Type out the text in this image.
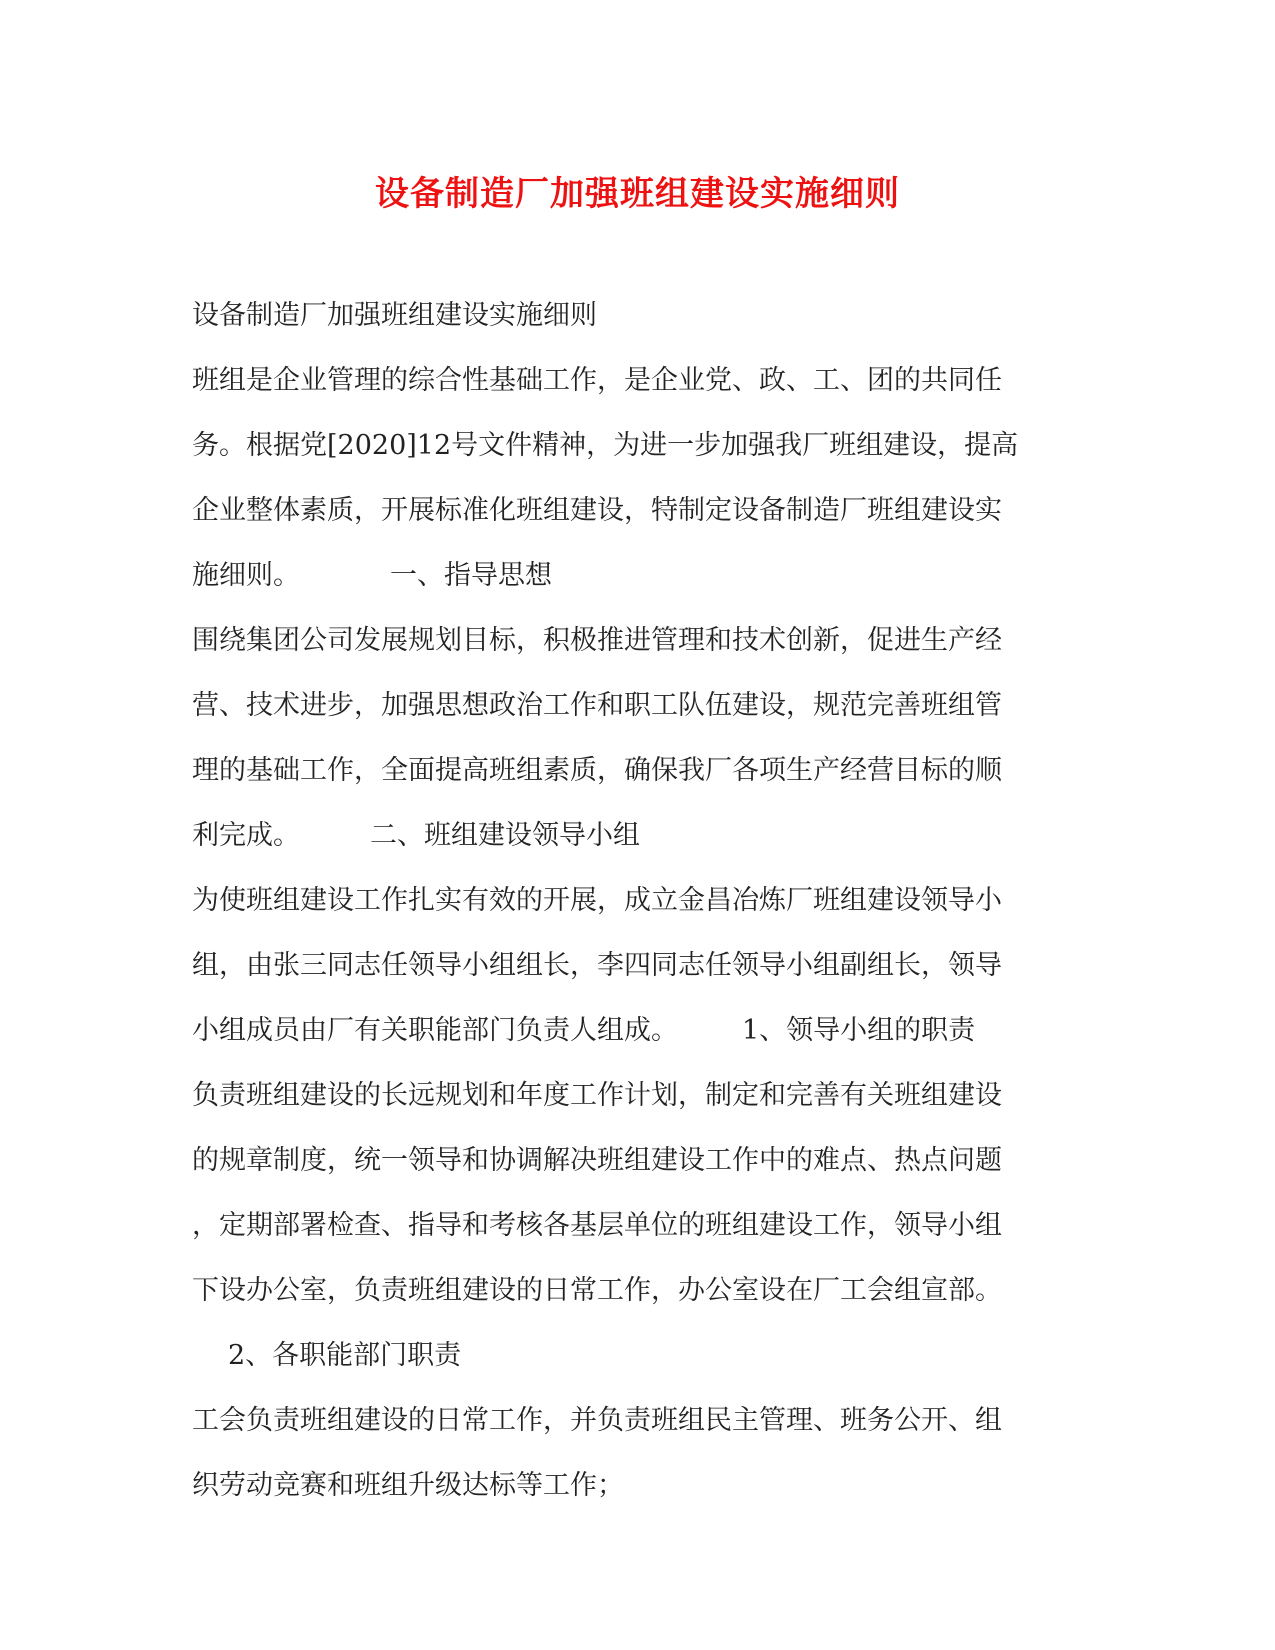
设备制造厂加强班组建设实施细则
设备制造厂加强班组建设实施细则
班组是企业管理的综合性基础工作，是企业党、政、工、团的共同任
务。根据党[2020]12号文件精神，为进一步加强我厂班组建设，提高
企业整体素质，开展标准化班组建设，特制定设备制造厂班组建设实
施细则。	一、指导思想
围绕集团公司发展规划目标，积极推进管理和技术创新，促进生产经
营、技术进步，加强思想政治工作和职工队伍建设，规范完善班组管
理的基础工作，全面提高班组素质，确保我厂各项生产经营目标的顺
利完成。	二、班组建设领导小组
为使班组建设工作扎实有效的开展，成立金昌冶炼厂班组建设领导小
组，由张三同志任领导小组组长，李四同志任领导小组副组长，领导
小组成员由厂有关职能部门负责人组成。 1、领导小组的职责
负责班组建设的长远规划和年度工作计划，制定和完善有关班组建设
的规章制度，统一领导和协调解决班组建设工作中的难点、热点问题
，定期部署检查、指导和考核各基层单位的班组建设工作，领导小组
下设办公室，负责班组建设的日常工作，办公室设在厂工会组宣部。
2、各职能部门职责
工会负责班组建设的日常工作，并负责班组民主管理、班务公开、组
织劳动竞赛和班组升级达标等工作；
